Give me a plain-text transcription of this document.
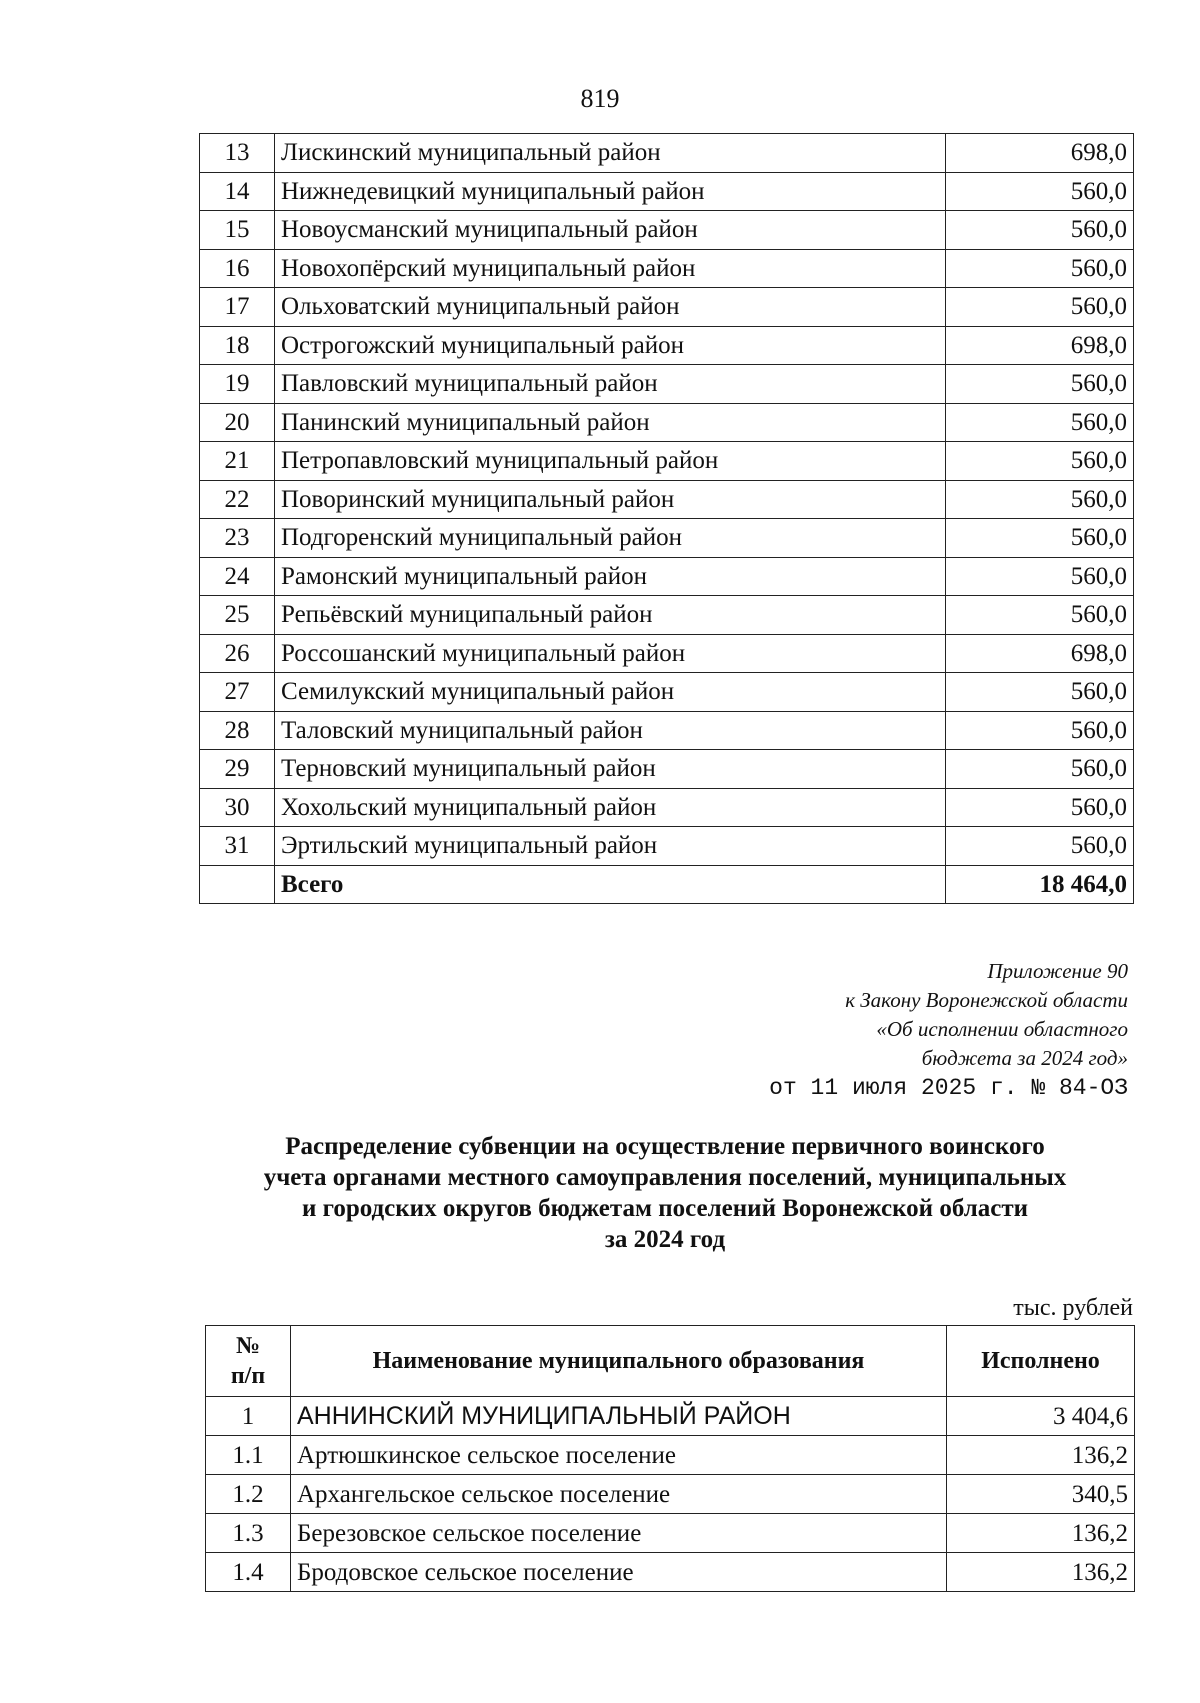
819
13	Лискинский муниципальный район	698,0
14	Нижнедевицкий муниципальный район	560,0
15	Новоусманский муниципальный район	560,0
16	Новохопёрский муниципальный район	560,0
17	Ольховатский муниципальный район	560,0
18	Острогожский муниципальный район	698,0
19	Павловский муниципальный район	560,0
20	Панинский муниципальный район	560,0
21	Петропавловский муниципальный район	560,0
22	Поворинский муниципальный район	560,0
23	Подгоренский муниципальный район	560,0
24	Рамонский муниципальный район	560,0
25	Репьёвский муниципальный район	560,0
26	Россошанский муниципальный район	698,0
27	Семилукский муниципальный район	560,0
28	Таловский муниципальный район	560,0
29	Терновский муниципальный район	560,0
30	Хохольский муниципальный район	560,0
31	Эртильский муниципальный район	560,0
	Всего	18 464,0
Приложение 90
к Закону Воронежской области
«Об исполнении областного
бюджета за 2024 год»
от 11 июля 2025 г. № 84-ОЗ
Распределение субвенции на осуществление первичного воинского
учета органами местного самоуправления поселений, муниципальных
и городских округов бюджетам поселений Воронежской области
за 2024 год
тыс. рублей
№
п/п	Наименование муниципального образования	Исполнено
1	АННИНСКИЙ МУНИЦИПАЛЬНЫЙ РАЙОН	3 404,6
1.1	Артюшкинское сельское поселение	136,2
1.2	Архангельское сельское поселение	340,5
1.3	Березовское сельское поселение	136,2
1.4	Бродовское сельское поселение	136,2
